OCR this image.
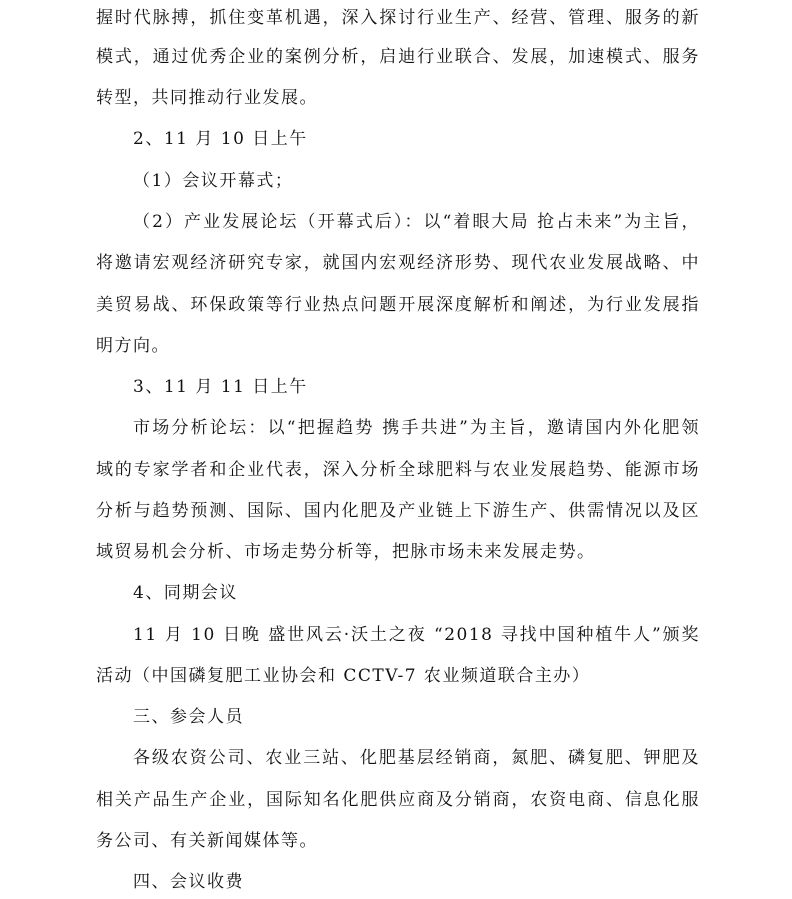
握时代脉搏，抓住变革机遇，深入探讨行业生产、经营、管理、服务的新
模式，通过优秀企业的案例分析，启迪行业联合、发展，加速模式、服务
转型，共同推动行业发展。
2、11 月 10 日上午
（1）会议开幕式；
（2）产业发展论坛（开幕式后）：以“着眼大局 抢占未来”为主旨，
将邀请宏观经济研究专家，就国内宏观经济形势、现代农业发展战略、中
美贸易战、环保政策等行业热点问题开展深度解析和阐述，为行业发展指
明方向。
3、11 月 11 日上午
市场分析论坛：以“把握趋势 携手共进”为主旨，邀请国内外化肥领
域的专家学者和企业代表，深入分析全球肥料与农业发展趋势、能源市场
分析与趋势预测、国际、国内化肥及产业链上下游生产、供需情况以及区
域贸易机会分析、市场走势分析等，把脉市场未来发展走势。
4、同期会议
11 月 10 日晚 盛世风云·沃土之夜 “2018 寻找中国种植牛人”颁奖
活动（中国磷复肥工业协会和 CCTV-7 农业频道联合主办）
三、参会人员
各级农资公司、农业三站、化肥基层经销商，氮肥、磷复肥、钾肥及
相关产品生产企业，国际知名化肥供应商及分销商，农资电商、信息化服
务公司、有关新闻媒体等。
四、会议收费
